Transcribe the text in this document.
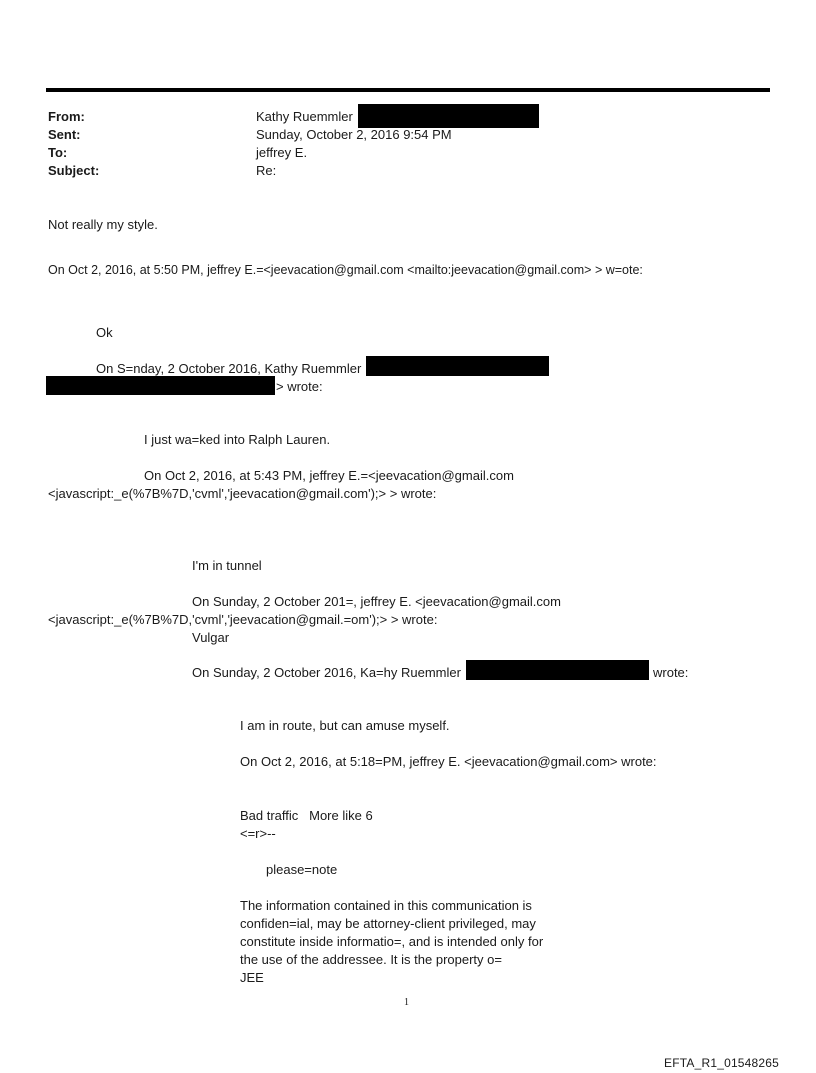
From:	Kathy Ruemmler
Sent:	Sunday, October 2, 2016 9:54 PM
To:	jeffrey E.
Subject:	Re:
Not really my style.
On Oct 2, 2016, at 5:50 PM, jeffrey E.=<jeevacation@gmail.com <mailto:jeevacation@gmail.com> > w=ote:
Ok
On S=nday, 2 October 2016, Kathy Ruemmler
> wrote:
I just wa=ked into Ralph Lauren.
On Oct 2, 2016, at 5:43 PM, jeffrey E.=<jeevacation@gmail.com
<javascript:_e(%7B%7D,'cvml','jeevacation@gmail.com');> > wrote:
I'm in tunnel
On Sunday, 2 October 201=, jeffrey E. <jeevacation@gmail.com
<javascript:_e(%7B%7D,'cvml','jeevacation@gmail.=om');> > wrote:
Vulgar
On Sunday, 2 October 2016, Ka=hy Ruemmler	wrote:
I am in route, but can amuse myself.
On Oct 2, 2016, at 5:18=PM, jeffrey E. <jeevacation@gmail.com> wrote:
Bad traffic   More like 6
<=r>--
please=note
The information contained in this communication is
confiden=ial, may be attorney-client privileged, may
constitute inside informatio=, and is intended only for
the use of the addressee. It is the property o=
JEE
1
EFTA_R1_01548265
